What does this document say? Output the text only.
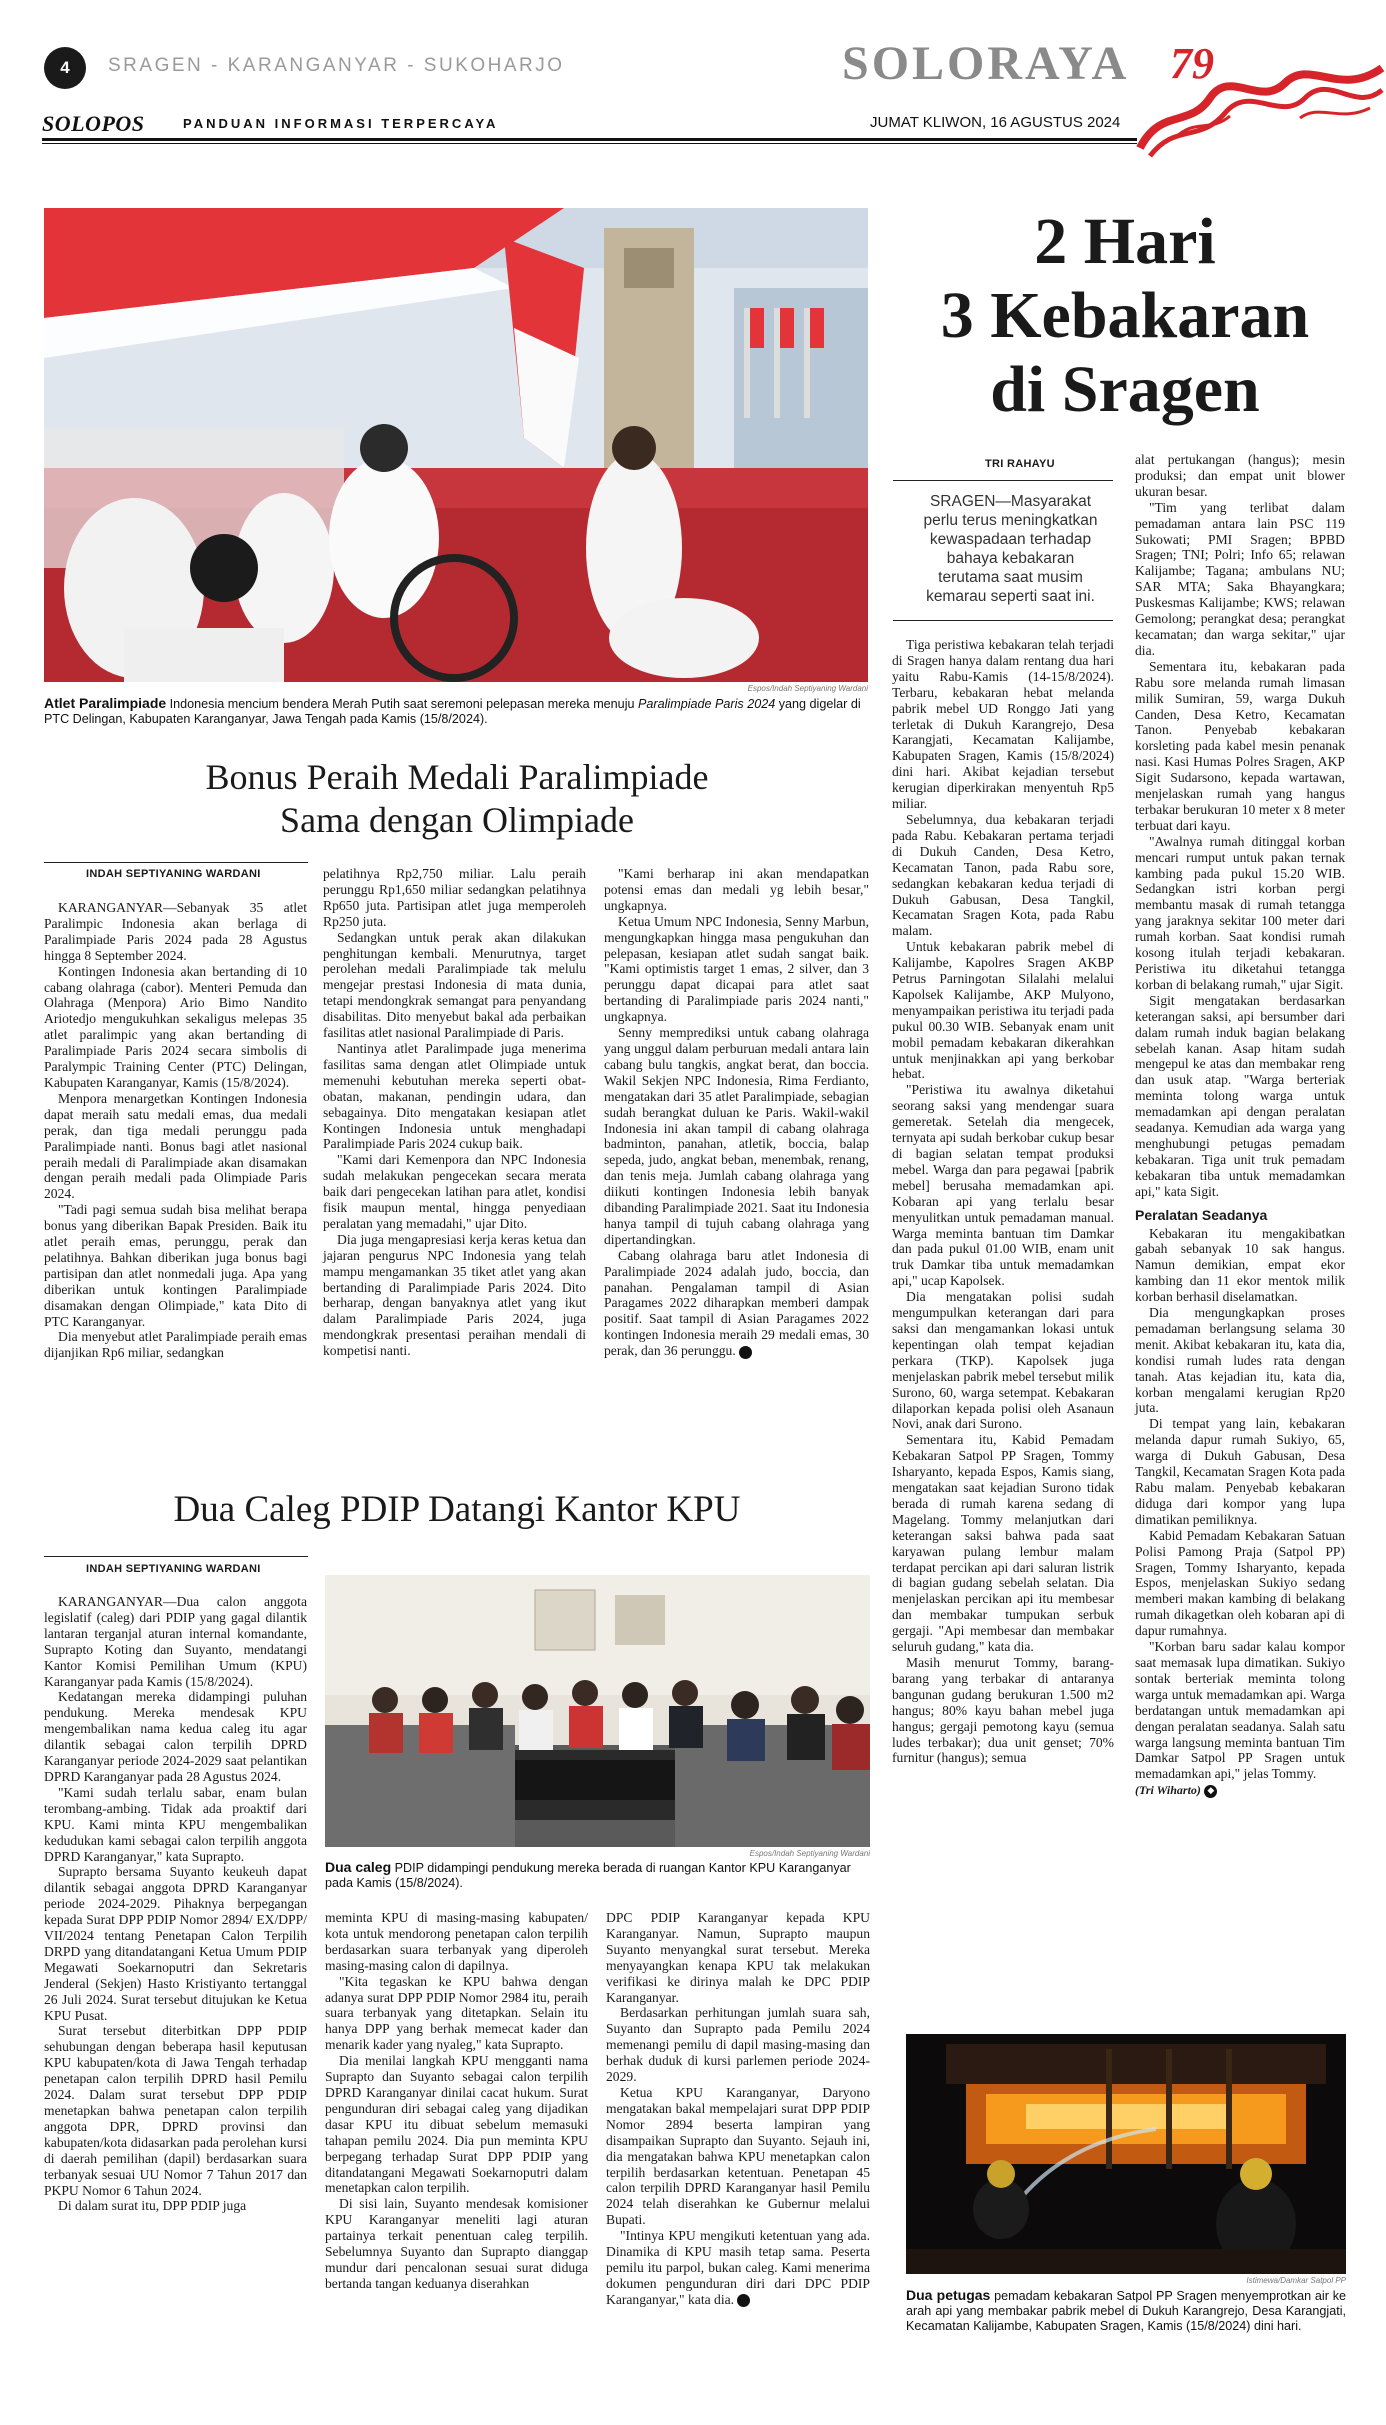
4	SRAGEN - KARANGANYAR - SUKOHARJO	SOLORAYA 79
SOLOPOS	PANDUAN INFORMASI TERPERCAYA	JUMAT KLIWON, 16 AGUSTUS 2024
Espos/Indah Septiyaning Wardani
Atlet Paralimpiade Indonesia mencium bendera Merah Putih saat seremoni pelepasan mereka menuju Paralimpiade Paris 2024 yang digelar di PTC Delingan, Kabupaten Karanganyar, Jawa Tengah pada Kamis (15/8/2024).
Bonus Peraih Medali Paralimpiade
Sama dengan Olimpiade
INDAH SEPTIYANING WARDANI

KARANGANYAR—Sebanyak 35 atlet Paralimpic Indonesia akan berlaga di Paralimpiade Paris 2024 pada 28 Agustus hingga 8 September 2024.

Kontingen Indonesia akan bertanding di 10 cabang olahraga (cabor). Menteri Pemuda dan Olahraga (Menpora) Ario Bimo Nandito Ariotedjo mengukuhkan sekaligus melepas 35 atlet paralimpic yang akan bertanding di Paralimpiade Paris 2024 secara simbolis di Paralympic Training Center (PTC) Delingan, Kabupaten Karanganyar, Kamis (15/8/2024).

Menpora menargetkan Kontingen Indonesia dapat meraih satu medali emas, dua medali perak, dan tiga medali perunggu pada Paralimpiade nanti. Bonus bagi atlet nasional peraih medali di Paralimpiade akan disamakan dengan peraih medali pada Olimpiade Paris 2024.

"Tadi pagi semua sudah bisa melihat berapa bonus yang diberikan Bapak Presiden. Baik itu atlet peraih emas, perunggu, perak dan pelatihnya. Bahkan diberikan juga bonus bagi partisipan dan atlet nonmedali juga. Apa yang diberikan untuk kontingen Paralimpiade disamakan dengan Olimpiade," kata Dito di PTC Karanganyar.

Dia menyebut atlet Paralimpiade peraih emas dijanjikan Rp6 miliar, sedangkan

pelatihnya Rp2,750 miliar. Lalu peraih perunggu Rp1,650 miliar sedangkan pelatihnya Rp650 juta. Partisipan atlet juga memperoleh Rp250 juta.

Sedangkan untuk perak akan dilakukan penghitungan kembali. Menurutnya, target perolehan medali Paralimpiade tak melulu mengejar prestasi Indonesia di mata dunia, tetapi mendongkrak semangat para penyandang disabilitas. Dito menyebut bakal ada perbaikan fasilitas atlet nasional Paralimpiade di Paris.

Nantinya atlet Paralimpade juga menerima fasilitas sama dengan atlet Olimpiade untuk memenuhi kebutuhan mereka seperti obat-obatan, makanan, pendingin udara, dan sebagainya. Dito mengatakan kesiapan atlet Kontingen Indonesia untuk menghadapi Paralimpiade Paris 2024 cukup baik.

"Kami dari Kemenpora dan NPC Indonesia sudah melakukan pengecekan secara merata baik dari pengecekan latihan para atlet, kondisi fisik maupun mental, hingga penyediaan peralatan yang memadahi," ujar Dito.

Dia juga mengapresiasi kerja keras ketua dan jajaran pengurus NPC Indonesia yang telah mampu mengamankan 35 tiket atlet yang akan bertanding di Paralimpiade Paris 2024. Dito berharap, dengan banyaknya atlet yang ikut dalam Paralimpiade Paris 2024, juga mendongkrak presentasi peraihan mendali di kompetisi nanti.

"Kami berharap ini akan mendapatkan potensi emas dan medali yg lebih besar," ungkapnya.

Ketua Umum NPC Indonesia, Senny Marbun, mengungkapkan hingga masa pengukuhan dan pelepasan, kesiapan atlet sudah sangat baik. "Kami optimistis target 1 emas, 2 silver, dan 3 perunggu dapat dicapai para atlet saat bertanding di Paralimpiade paris 2024 nanti," ungkapnya.

Senny memprediksi untuk cabang olahraga yang unggul dalam perburuan medali antara lain cabang bulu tangkis, angkat berat, dan boccia. Wakil Sekjen NPC Indonesia, Rima Ferdianto, mengatakan dari 35 atlet Paralimpiade, sebagian sudah berangkat duluan ke Paris. Wakil-wakil Indonesia ini akan tampil di cabang olahraga badminton, panahan, atletik, boccia, balap sepeda, judo, angkat beban, menembak, renang, dan tenis meja. Jumlah cabang olahraga yang diikuti kontingen Indonesia lebih banyak dibanding Paralimpiade 2021. Saat itu Indonesia hanya tampil di tujuh cabang olahraga yang dipertandingkan.

Cabang olahraga baru atlet Indonesia di Paralimpiade 2024 adalah judo, boccia, dan panahan. Pengalaman tampil di Asian Paragames 2022 diharapkan memberi dampak positif. Saat tampil di Asian Paragames 2022 kontingen Indonesia meraih 29 medali emas, 30 perak, dan 36 perunggu. ◆

Dua Caleg PDIP Datangi Kantor KPU
INDAH SEPTIYANING WARDANI
Espos/Indah Septiyaning Wardani
Dua caleg PDIP didampingi pendukung mereka berada di ruangan Kantor KPU Karanganyar pada Kamis (15/8/2024).

KARANGANYAR—Dua calon anggota legislatif (caleg) dari PDIP yang gagal dilantik lantaran terganjal aturan internal komandante, Suprapto Koting dan Suyanto, mendatangi Kantor Komisi Pemilihan Umum (KPU) Karanganyar pada Kamis (15/8/2024).

Kedatangan mereka didampingi puluhan pendukung. Mereka mendesak KPU mengembalikan nama kedua caleg itu agar dilantik sebagai calon terpilih DPRD Karanganyar periode 2024-2029 saat pelantikan DPRD Karanganyar pada 28 Agustus 2024.

"Kami sudah terlalu sabar, enam bulan terombang-ambing. Tidak ada proaktif dari KPU. Kami minta KPU mengembalikan kedudukan kami sebagai calon terpilih anggota DPRD Karanganyar," kata Suprapto.

Suprapto bersama Suyanto keukeuh dapat dilantik sebagai anggota DPRD Karanganyar periode 2024-2029. Pihaknya berpegangan kepada Surat DPP PDIP Nomor 2894/ EX/DPP/ VII/2024 tentang Penetapan Calon Terpilih DRPD yang ditandatangani Ketua Umum PDIP Megawati Soekarnoputri dan Sekretaris Jenderal (Sekjen) Hasto Kristiyanto tertanggal 26 Juli 2024. Surat tersebut ditujukan ke Ketua KPU Pusat.

Surat tersebut diterbitkan DPP PDIP sehubungan dengan beberapa hasil keputusan KPU kabupaten/kota di Jawa Tengah terhadap penetapan calon terpilih DPRD hasil Pemilu 2024. Dalam surat tersebut DPP PDIP menetapkan bahwa penetapan calon terpilih anggota DPR, DPRD provinsi dan kabupaten/kota didasarkan pada perolehan kursi di daerah pemilihan (dapil) berdasarkan suara terbanyak sesuai UU Nomor 7 Tahun 2017 dan PKPU Nomor 6 Tahun 2024.

Di dalam surat itu, DPP PDIP juga

meminta KPU di masing-masing kabupaten/ kota untuk mendorong penetapan calon terpilih berdasarkan suara terbanyak yang diperoleh masing-masing calon di dapilnya.

"Kita tegaskan ke KPU bahwa dengan adanya surat DPP PDIP Nomor 2984 itu, peraih suara terbanyak yang ditetapkan. Selain itu hanya DPP yang berhak memecat kader dan menarik kader yang nyaleg," kata Suprapto.

Dia menilai langkah KPU mengganti nama Suprapto dan Suyanto sebagai calon terpilih DPRD Karanganyar dinilai cacat hukum. Surat pengunduran diri sebagai caleg yang dijadikan dasar KPU itu dibuat sebelum memasuki tahapan pemilu 2024. Dia pun meminta KPU berpegang terhadap Surat DPP PDIP yang ditandatangani Megawati Soekarnoputri dalam menetapkan calon terpilih.

Di sisi lain, Suyanto mendesak komisioner KPU Karanganyar meneliti lagi aturan partainya terkait penentuan caleg terpilih. Sebelumnya Suyanto dan Suprapto dianggap mundur dari pencalonan sesuai surat diduga bertanda tangan keduanya diserahkan

DPC PDIP Karanganyar kepada KPU Karanganyar. Namun, Suprapto maupun Suyanto menyangkal surat tersebut. Mereka menyayangkan kenapa KPU tak melakukan verifikasi ke dirinya malah ke DPC PDIP Karanganyar.

Berdasarkan perhitungan jumlah suara sah, Suyanto dan Suprapto pada Pemilu 2024 memenangi pemilu di dapil masing-masing dan berhak duduk di kursi parlemen periode 2024-2029.

Ketua KPU Karanganyar, Daryono mengatakan bakal mempelajari surat DPP PDIP Nomor 2894 beserta lampiran yang disampaikan Suprapto dan Suyanto. Sejauh ini, dia mengatakan bahwa KPU menetapkan calon terpilih berdasarkan ketentuan. Penetapan 45 calon terpilih DPRD Karanganyar hasil Pemilu 2024 telah diserahkan ke Gubernur melalui Bupati.

"Intinya KPU mengikuti ketentuan yang ada. Dinamika di KPU masih tetap sama. Peserta pemilu itu parpol, bukan caleg. Kami menerima dokumen pengunduran diri dari DPC PDIP Karanganyar," kata dia. ◆

2 Hari
3 Kebakaran
di Sragen
TRI RAHAYU
SRAGEN—Masyarakat perlu terus meningkatkan kewaspadaan terhadap bahaya kebakaran terutama saat musim kemarau seperti saat ini.

Tiga peristiwa kebakaran telah terjadi di Sragen hanya dalam rentang dua hari yaitu Rabu-Kamis (14-15/8/2024). Terbaru, kebakaran hebat melanda pabrik mebel UD Ronggo Jati yang terletak di Dukuh Karangrejo, Desa Karangjati, Kecamatan Kalijambe, Kabupaten Sragen, Kamis (15/8/2024) dini hari. Akibat kejadian tersebut kerugian diperkirakan menyentuh Rp5 miliar.

Sebelumnya, dua kebakaran terjadi pada Rabu. Kebakaran pertama terjadi di Dukuh Canden, Desa Ketro, Kecamatan Tanon, pada Rabu sore, sedangkan kebakaran kedua terjadi di Dukuh Gabusan, Desa Tangkil, Kecamatan Sragen Kota, pada Rabu malam.

Untuk kebakaran pabrik mebel di Kalijambe, Kapolres Sragen AKBP Petrus Parningotan Silalahi melalui Kapolsek Kalijambe, AKP Mulyono, menyampaikan peristiwa itu terjadi pada pukul 00.30 WIB. Sebanyak enam unit mobil pemadam kebakaran dikerahkan untuk menjinakkan api yang berkobar hebat.

"Peristiwa itu awalnya diketahui seorang saksi yang mendengar suara gemeretak. Setelah dia mengecek, ternyata api sudah berkobar cukup besar di bagian selatan tempat produksi mebel. Warga dan para pegawai [pabrik mebel] berusaha memadamkan api. Kobaran api yang terlalu besar menyulitkan untuk pemadaman manual. Warga meminta bantuan tim Damkar dan pada pukul 01.00 WIB, enam unit truk Damkar tiba untuk memadamkan api," ucap Kapolsek.

Dia mengatakan polisi sudah mengumpulkan keterangan dari para saksi dan mengamankan lokasi untuk kepentingan olah tempat kejadian perkara (TKP). Kapolsek juga menjelaskan pabrik mebel tersebut milik Surono, 60, warga setempat. Kebakaran dilaporkan kepada polisi oleh Asanaun Novi, anak dari Surono.

Sementara itu, Kabid Pemadam Kebakaran Satpol PP Sragen, Tommy Isharyanto, kepada Espos, Kamis siang, mengatakan saat kejadian Surono tidak berada di rumah karena sedang di Magelang. Tommy melanjutkan dari keterangan saksi bahwa pada saat karyawan pulang lembur malam terdapat percikan api dari saluran listrik di bagian gudang sebelah selatan. Dia menjelaskan percikan api itu membesar dan membakar tumpukan serbuk gergaji. "Api membesar dan membakar seluruh gudang," kata dia.

Masih menurut Tommy, barang-barang yang terbakar di antaranya bangunan gudang berukuran 1.500 m2 hangus; 80% kayu bahan mebel juga hangus; gergaji pemotong kayu (semua ludes terbakar); dua unit genset; 70% furnitur (hangus); semua

alat pertukangan (hangus); mesin produksi; dan empat unit blower ukuran besar.

"Tim yang terlibat dalam pemadaman antara lain PSC 119 Sukowati; PMI Sragen; BPBD Sragen; TNI; Polri; Info 65; relawan Kalijambe; Tagana; ambulans NU; SAR MTA; Saka Bhayangkara; Puskesmas Kalijambe; KWS; relawan Gemolong; perangkat desa; perangkat kecamatan; dan warga sekitar," ujar dia.

Sementara itu, kebakaran pada Rabu sore melanda rumah limasan milik Sumiran, 59, warga Dukuh Canden, Desa Ketro, Kecamatan Tanon. Penyebab kebakaran korsleting pada kabel mesin penanak nasi. Kasi Humas Polres Sragen, AKP Sigit Sudarsono, kepada wartawan, menjelaskan rumah yang hangus terbakar berukuran 10 meter x 8 meter terbuat dari kayu.

"Awalnya rumah ditinggal korban mencari rumput untuk pakan ternak kambing pada pukul 15.20 WIB. Sedangkan istri korban pergi membantu masak di rumah tetangga yang jaraknya sekitar 100 meter dari rumah korban. Saat kondisi rumah kosong itulah terjadi kebakaran. Peristiwa itu diketahui tetangga korban di belakang rumah," ujar Sigit.

Sigit mengatakan berdasarkan keterangan saksi, api bersumber dari dalam rumah induk bagian belakang sebelah kanan. Asap hitam sudah mengepul ke atas dan membakar reng dan usuk atap. "Warga berteriak meminta tolong warga untuk memadamkan api dengan peralatan seadanya. Kemudian ada warga yang menghubungi petugas pemadam kebakaran. Tiga unit truk pemadam kebakaran tiba untuk memadamkan api," kata Sigit.

Peralatan Seadanya

Kebakaran itu mengakibatkan gabah sebanyak 10 sak hangus. Namun demikian, empat ekor kambing dan 11 ekor mentok milik korban berhasil diselamatkan.

Dia mengungkapkan proses pemadaman berlangsung selama 30 menit. Akibat kebakaran itu, kata dia, kondisi rumah ludes rata dengan tanah. Atas kejadian itu, kata dia, korban mengalami kerugian Rp20 juta.

Di tempat yang lain, kebakaran melanda dapur rumah Sukiyo, 65, warga di Dukuh Gabusan, Desa Tangkil, Kecamatan Sragen Kota pada Rabu malam. Penyebab kebakaran diduga dari kompor yang lupa dimatikan pemiliknya.

Kabid Pemadam Kebakaran Satuan Polisi Pamong Praja (Satpol PP) Sragen, Tommy Isharyanto, kepada Espos, menjelaskan Sukiyo sedang memberi makan kambing di belakang rumah dikagetkan oleh kobaran api di dapur rumahnya.

"Korban baru sadar kalau kompor saat memasak lupa dimatikan. Sukiyo sontak berteriak meminta tolong warga untuk memadamkan api. Warga berdatangan untuk memadamkan api dengan peralatan seadanya. Salah satu warga langsung meminta bantuan Tim Damkar Satpol PP Sragen untuk memadamkan api," jelas Tommy.

(Tri Wiharto) ◆

Istimewa/Damkar Satpol PP
Dua petugas pemadam kebakaran Satpol PP Sragen menyemprotkan air ke arah api yang membakar pabrik mebel di Dukuh Karangrejo, Desa Karangjati, Kecamatan Kalijambe, Kabupaten Sragen, Kamis (15/8/2024) dini hari.
